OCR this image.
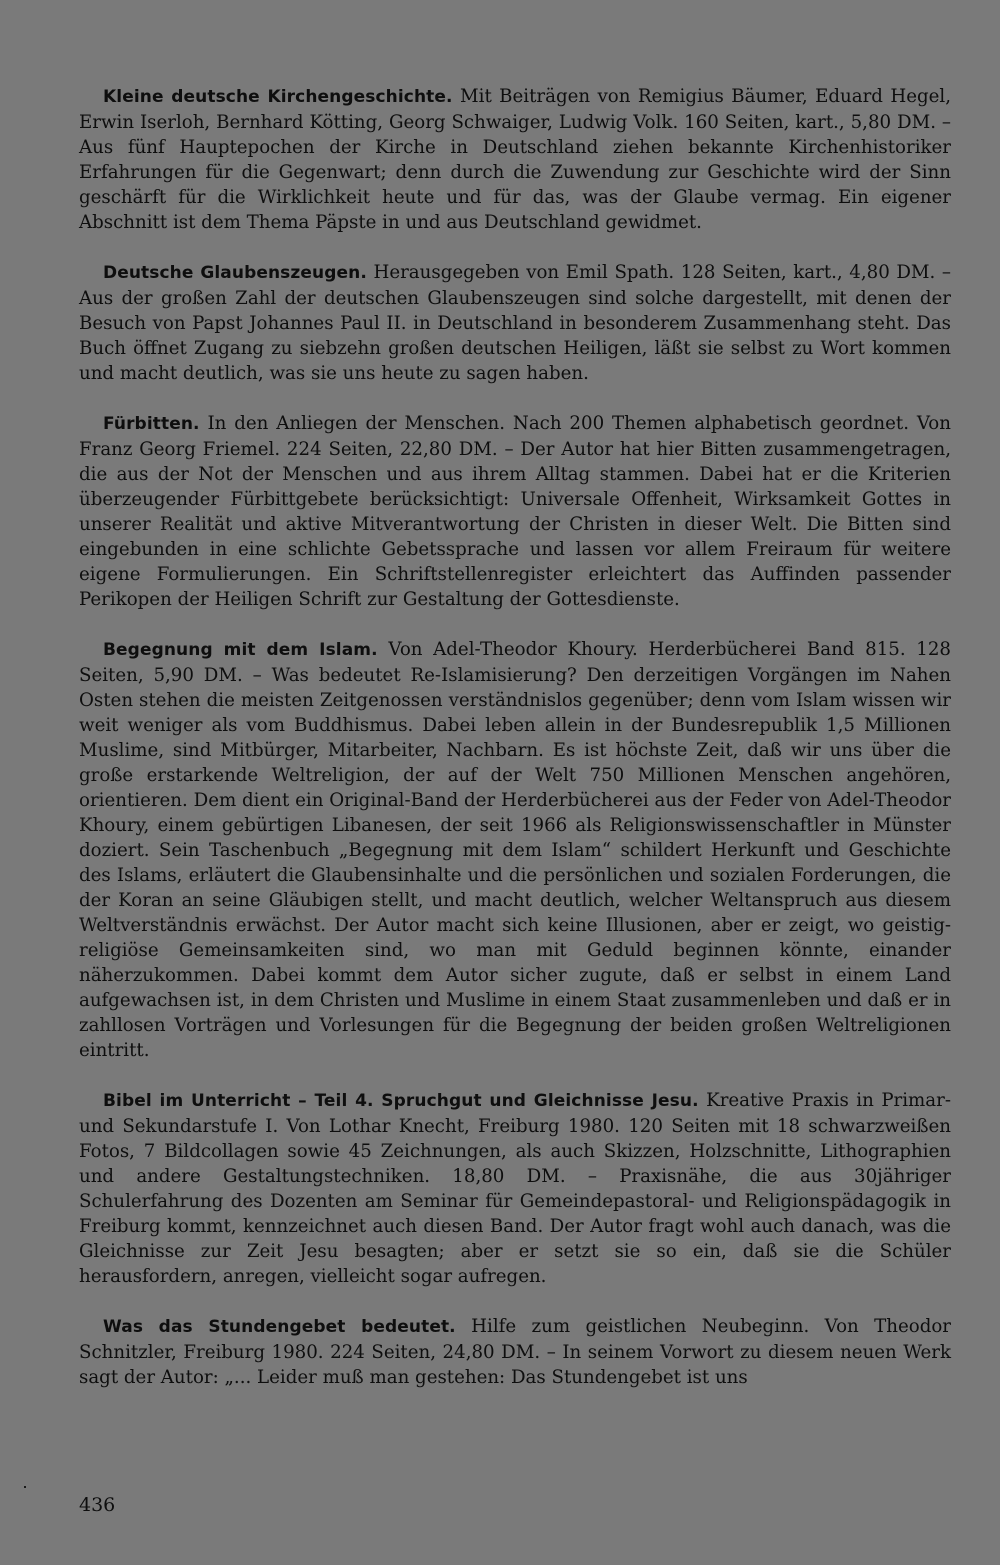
Kleine deutsche Kirchengeschichte. Mit Beiträgen von Remigius Bäumer, Eduard Hegel, Erwin Iserloh, Bernhard Kötting, Georg Schwaiger, Ludwig Volk. 160 Seiten, kart., 5,80 DM. – Aus fünf Hauptepochen der Kirche in Deutschland ziehen bekannte Kirchenhistoriker Erfahrungen für die Gegenwart; denn durch die Zuwendung zur Geschichte wird der Sinn geschärft für die Wirklichkeit heute und für das, was der Glaube vermag. Ein eigener Abschnitt ist dem Thema Päpste in und aus Deutschland gewidmet.

Deutsche Glaubenszeugen. Herausgegeben von Emil Spath. 128 Seiten, kart., 4,80 DM. – Aus der großen Zahl der deutschen Glaubenszeugen sind solche dargestellt, mit denen der Besuch von Papst Johannes Paul II. in Deutschland in besonderem Zusammenhang steht. Das Buch öffnet Zugang zu siebzehn großen deutschen Heiligen, läßt sie selbst zu Wort kommen und macht deutlich, was sie uns heute zu sagen haben.

Fürbitten. In den Anliegen der Menschen. Nach 200 Themen alphabetisch geordnet. Von Franz Georg Friemel. 224 Seiten, 22,80 DM. – Der Autor hat hier Bitten zusammengetragen, die aus der Not der Menschen und aus ihrem Alltag stammen. Dabei hat er die Kriterien überzeugender Fürbittgebete berücksichtigt: Universale Offenheit, Wirksamkeit Gottes in unserer Realität und aktive Mitverantwortung der Christen in dieser Welt. Die Bitten sind eingebunden in eine schlichte Gebetssprache und lassen vor allem Freiraum für weitere eigene Formulierungen. Ein Schriftstellenregister erleichtert das Auffinden passender Perikopen der Heiligen Schrift zur Gestaltung der Gottesdienste.

Begegnung mit dem Islam. Von Adel-Theodor Khoury. Herderbücherei Band 815. 128 Seiten, 5,90 DM. – Was bedeutet Re-Islamisierung? Den derzeitigen Vorgängen im Nahen Osten stehen die meisten Zeitgenossen verständnislos gegenüber; denn vom Islam wissen wir weit weniger als vom Buddhismus. Dabei leben allein in der Bundesrepublik 1,5 Millionen Muslime, sind Mitbürger, Mitarbeiter, Nachbarn. Es ist höchste Zeit, daß wir uns über die große erstarkende Weltreligion, der auf der Welt 750 Millionen Menschen angehören, orientieren. Dem dient ein Original-Band der Herderbücherei aus der Feder von Adel-Theodor Khoury, einem gebürtigen Libanesen, der seit 1966 als Religionswissenschaftler in Münster doziert. Sein Taschenbuch „Begegnung mit dem Islam“ schildert Herkunft und Geschichte des Islams, erläutert die Glaubensinhalte und die persönlichen und sozialen Forderungen, die der Koran an seine Gläubigen stellt, und macht deutlich, welcher Weltanspruch aus diesem Weltverständnis erwächst. Der Autor macht sich keine Illusionen, aber er zeigt, wo geistig-religiöse Gemeinsamkeiten sind, wo man mit Geduld beginnen könnte, einander näherzukommen. Dabei kommt dem Autor sicher zugute, daß er selbst in einem Land aufgewachsen ist, in dem Christen und Muslime in einem Staat zusammenleben und daß er in zahllosen Vorträgen und Vorlesungen für die Begegnung der beiden großen Weltreligionen eintritt.

Bibel im Unterricht – Teil 4. Spruchgut und Gleichnisse Jesu. Kreative Praxis in Primar- und Sekundarstufe I. Von Lothar Knecht, Freiburg 1980. 120 Seiten mit 18 schwarzweißen Fotos, 7 Bildcollagen sowie 45 Zeichnungen, als auch Skizzen, Holzschnitte, Lithographien und andere Gestaltungstechniken. 18,80 DM. – Praxisnähe, die aus 30jähriger Schulerfahrung des Dozenten am Seminar für Gemeindepastoral- und Religionspädagogik in Freiburg kommt, kennzeichnet auch diesen Band. Der Autor fragt wohl auch danach, was die Gleichnisse zur Zeit Jesu besagten; aber er setzt sie so ein, daß sie die Schüler herausfordern, anregen, vielleicht sogar aufregen.

Was das Stundengebet bedeutet. Hilfe zum geistlichen Neubeginn. Von Theodor Schnitzler, Freiburg 1980. 224 Seiten, 24,80 DM. – In seinem Vorwort zu diesem neuen Werk sagt der Autor: „... Leider muß man gestehen: Das Stundengebet ist uns

436
